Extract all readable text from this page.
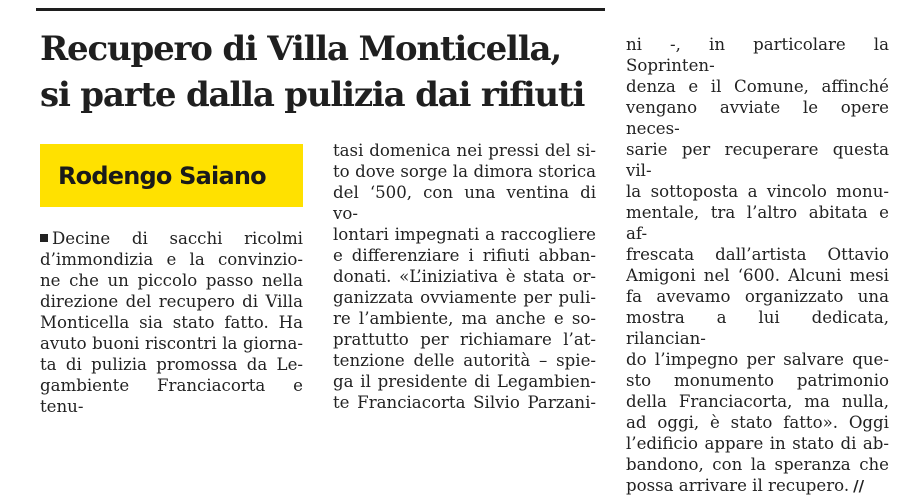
Recupero di Villa Monticella,
si parte dalla pulizia dai rifiuti
Rodengo Saiano
Decine di sacchi ricolmi
d’immondizia e la convinzio-
ne che un piccolo passo nella
direzione del recupero di Villa
Monticella sia stato fatto. Ha
avuto buoni riscontri la giorna-
ta di pulizia promossa da Le-
gambiente Franciacorta e tenu-
tasi domenica nei pressi del si-
to dove sorge la dimora storica
del ‘500, con una ventina di vo-
lontari impegnati a raccogliere
e differenziare i rifiuti abban-
donati. «L’iniziativa è stata or-
ganizzata ovviamente per puli-
re l’ambiente, ma anche e so-
prattutto per richiamare l’at-
tenzione delle autorità – spie-
ga il presidente di Legambien-
te Franciacorta Silvio Parzani-
ni -, in particolare la Soprinten-
denza e il Comune, affinché
vengano avviate le opere neces-
sarie per recuperare questa vil-
la sottoposta a vincolo monu-
mentale, tra l’altro abitata e af-
frescata dall’artista Ottavio
Amigoni nel ‘600. Alcuni mesi
fa avevamo organizzato una
mostra a lui dedicata, rilancian-
do l’impegno per salvare que-
sto monumento patrimonio
della Franciacorta, ma nulla,
ad oggi, è stato fatto». Oggi
l’edificio appare in stato di ab-
bandono, con la speranza che
possa arrivare il recupero. //
